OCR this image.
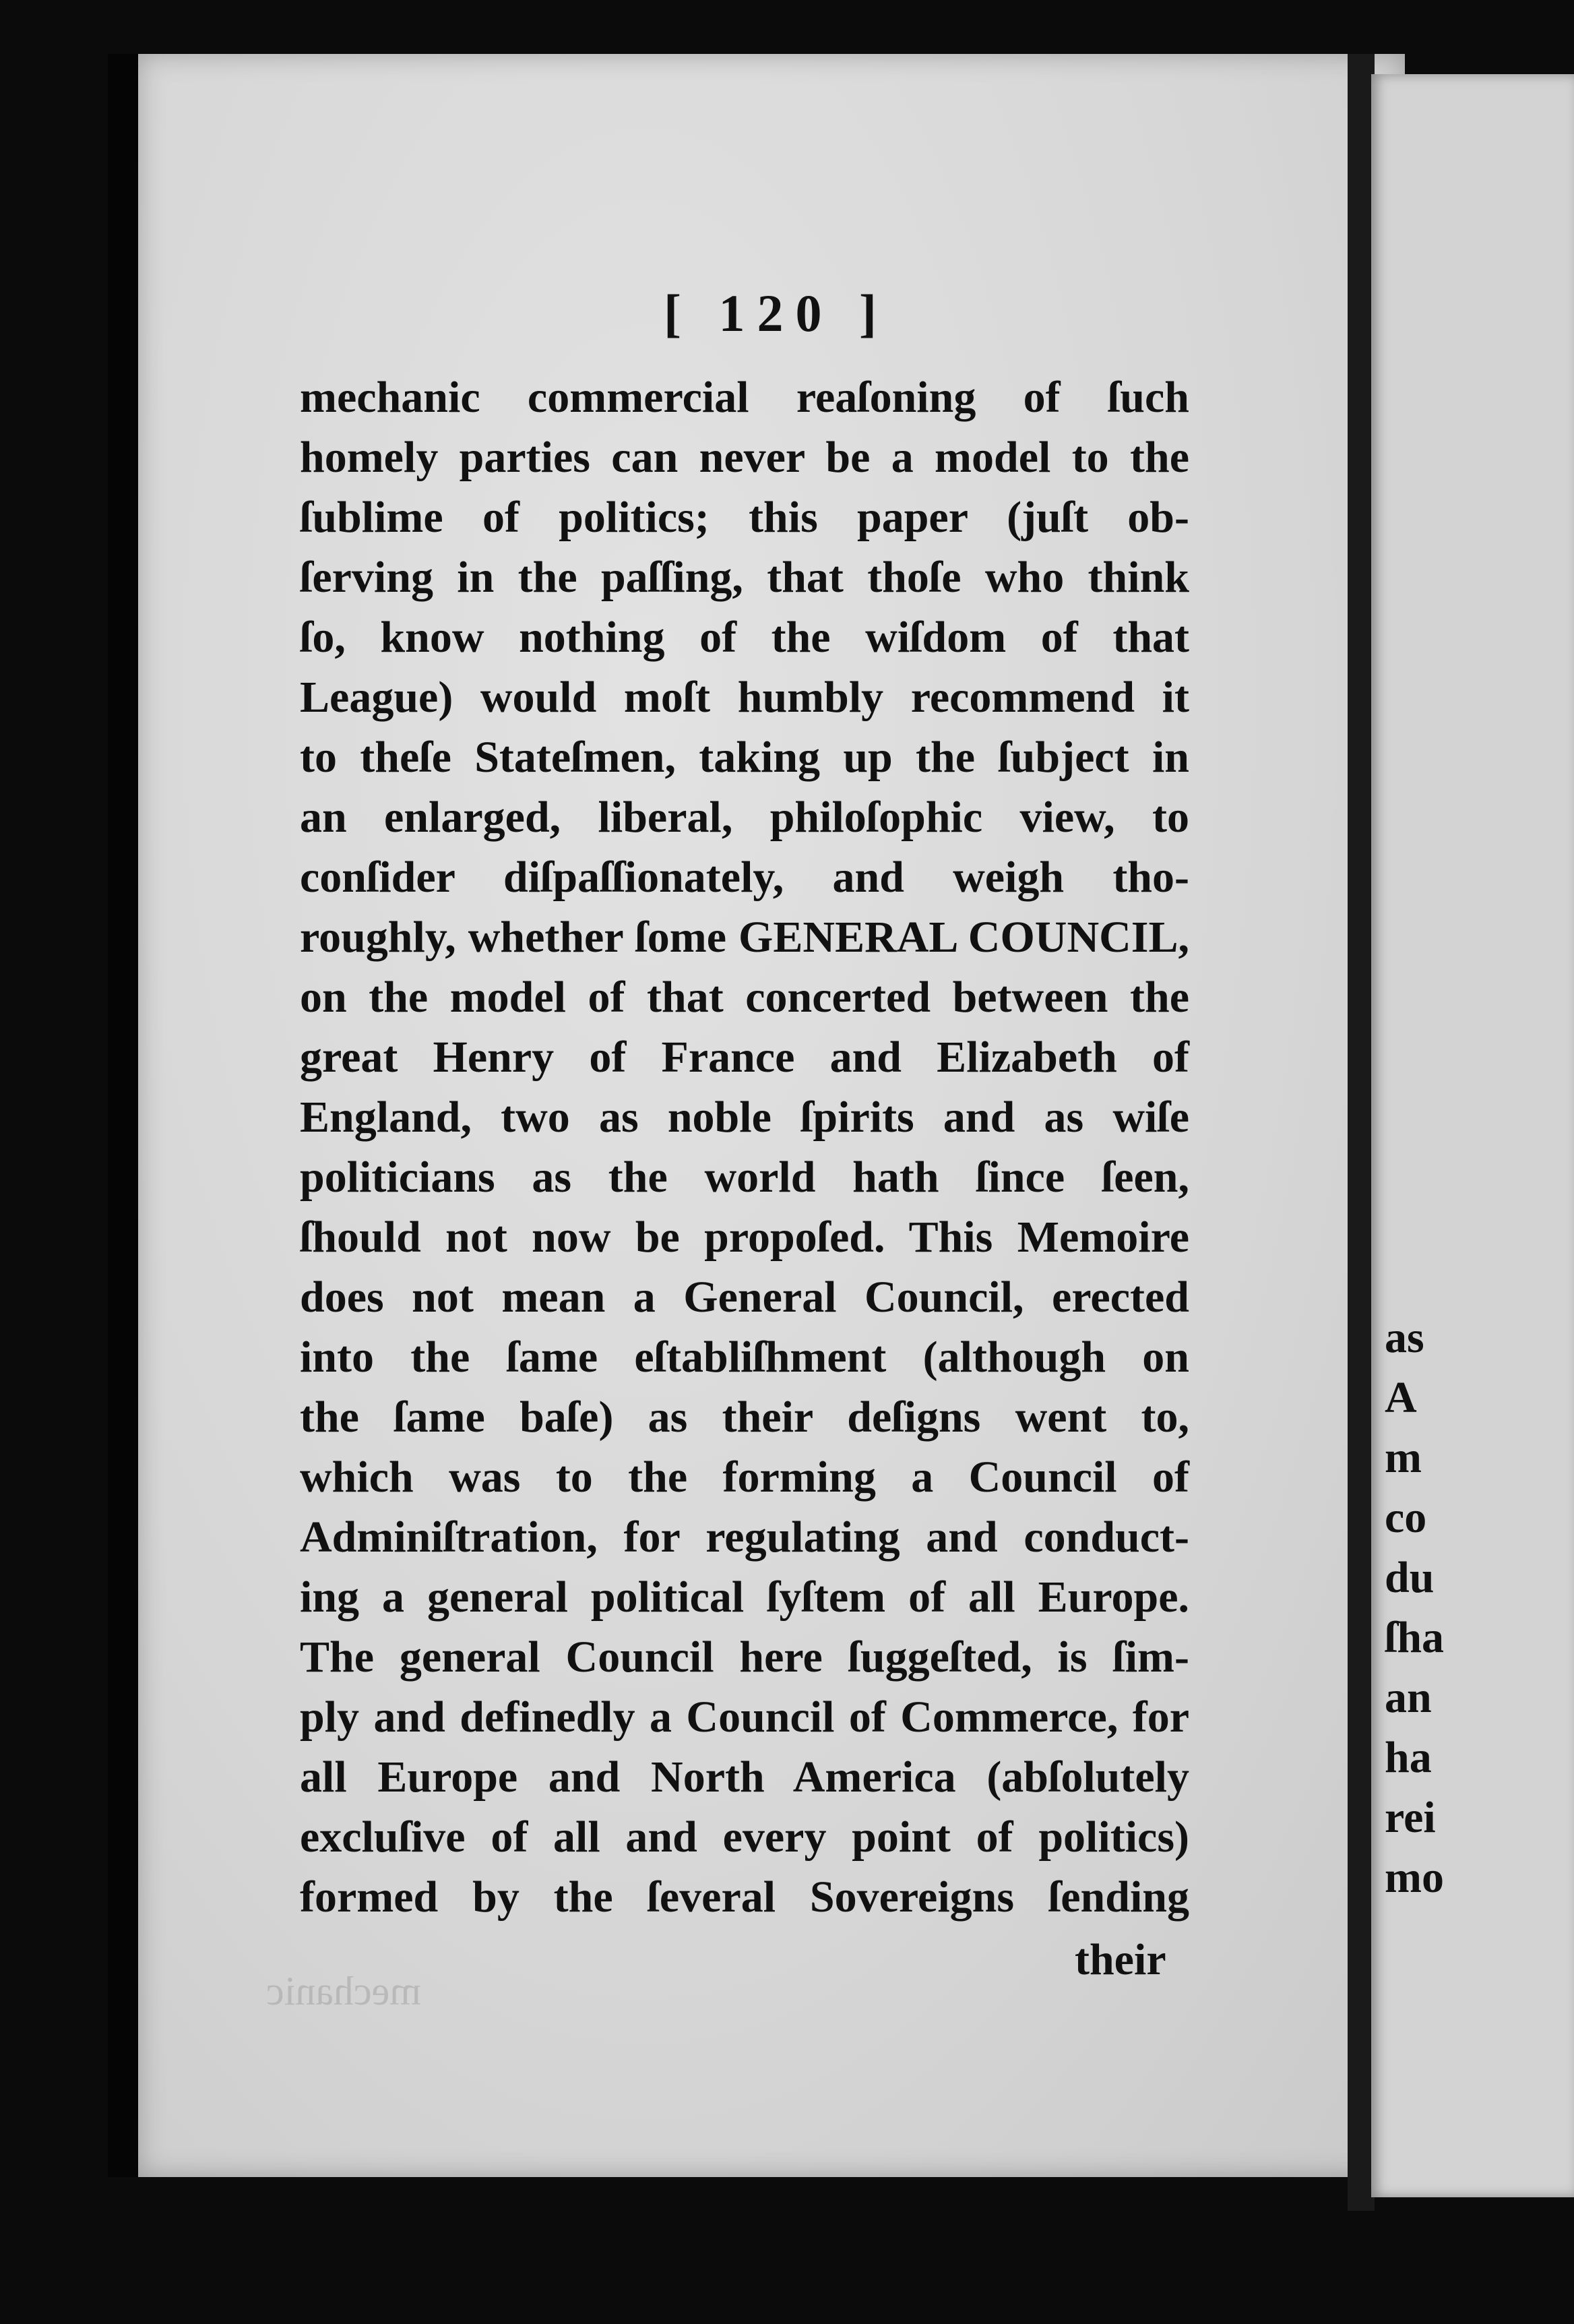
[ 120 ]
mechanic commercial reaſoning of ſuch
homely parties can never be a model to the
ſublime of politics; this paper (juſt ob-
ſerving in the paſſing, that thoſe who think
ſo, know nothing of the wiſdom of that
League) would moſt humbly recommend it
to theſe Stateſmen, taking up the ſubject in
an enlarged, liberal, philoſophic view, to
conſider diſpaſſionately, and weigh tho-
roughly, whether ſome GENERAL COUNCIL,
on the model of that concerted between the
great Henry of France and Elizabeth of
England, two as noble ſpirits and as wiſe
politicians as the world hath ſince ſeen,
ſhould not now be propoſed. This Memoire
does not mean a General Council, erected
into the ſame eſtabliſhment (although on
the ſame baſe) as their deſigns went to,
which was to the forming a Council of
Adminiſtration, for regulating and conduct-
ing a general political ſyſtem of all Europe.
The general Council here ſuggeſted, is ſim-
ply and definedly a Council of Commerce, for
all Europe and North America (abſolutely
excluſive of all and every point of politics)
formed by the ſeveral Sovereigns ſending
their
mechanic
as
A
m
co
du
ſha
an
ha
rei
mo
